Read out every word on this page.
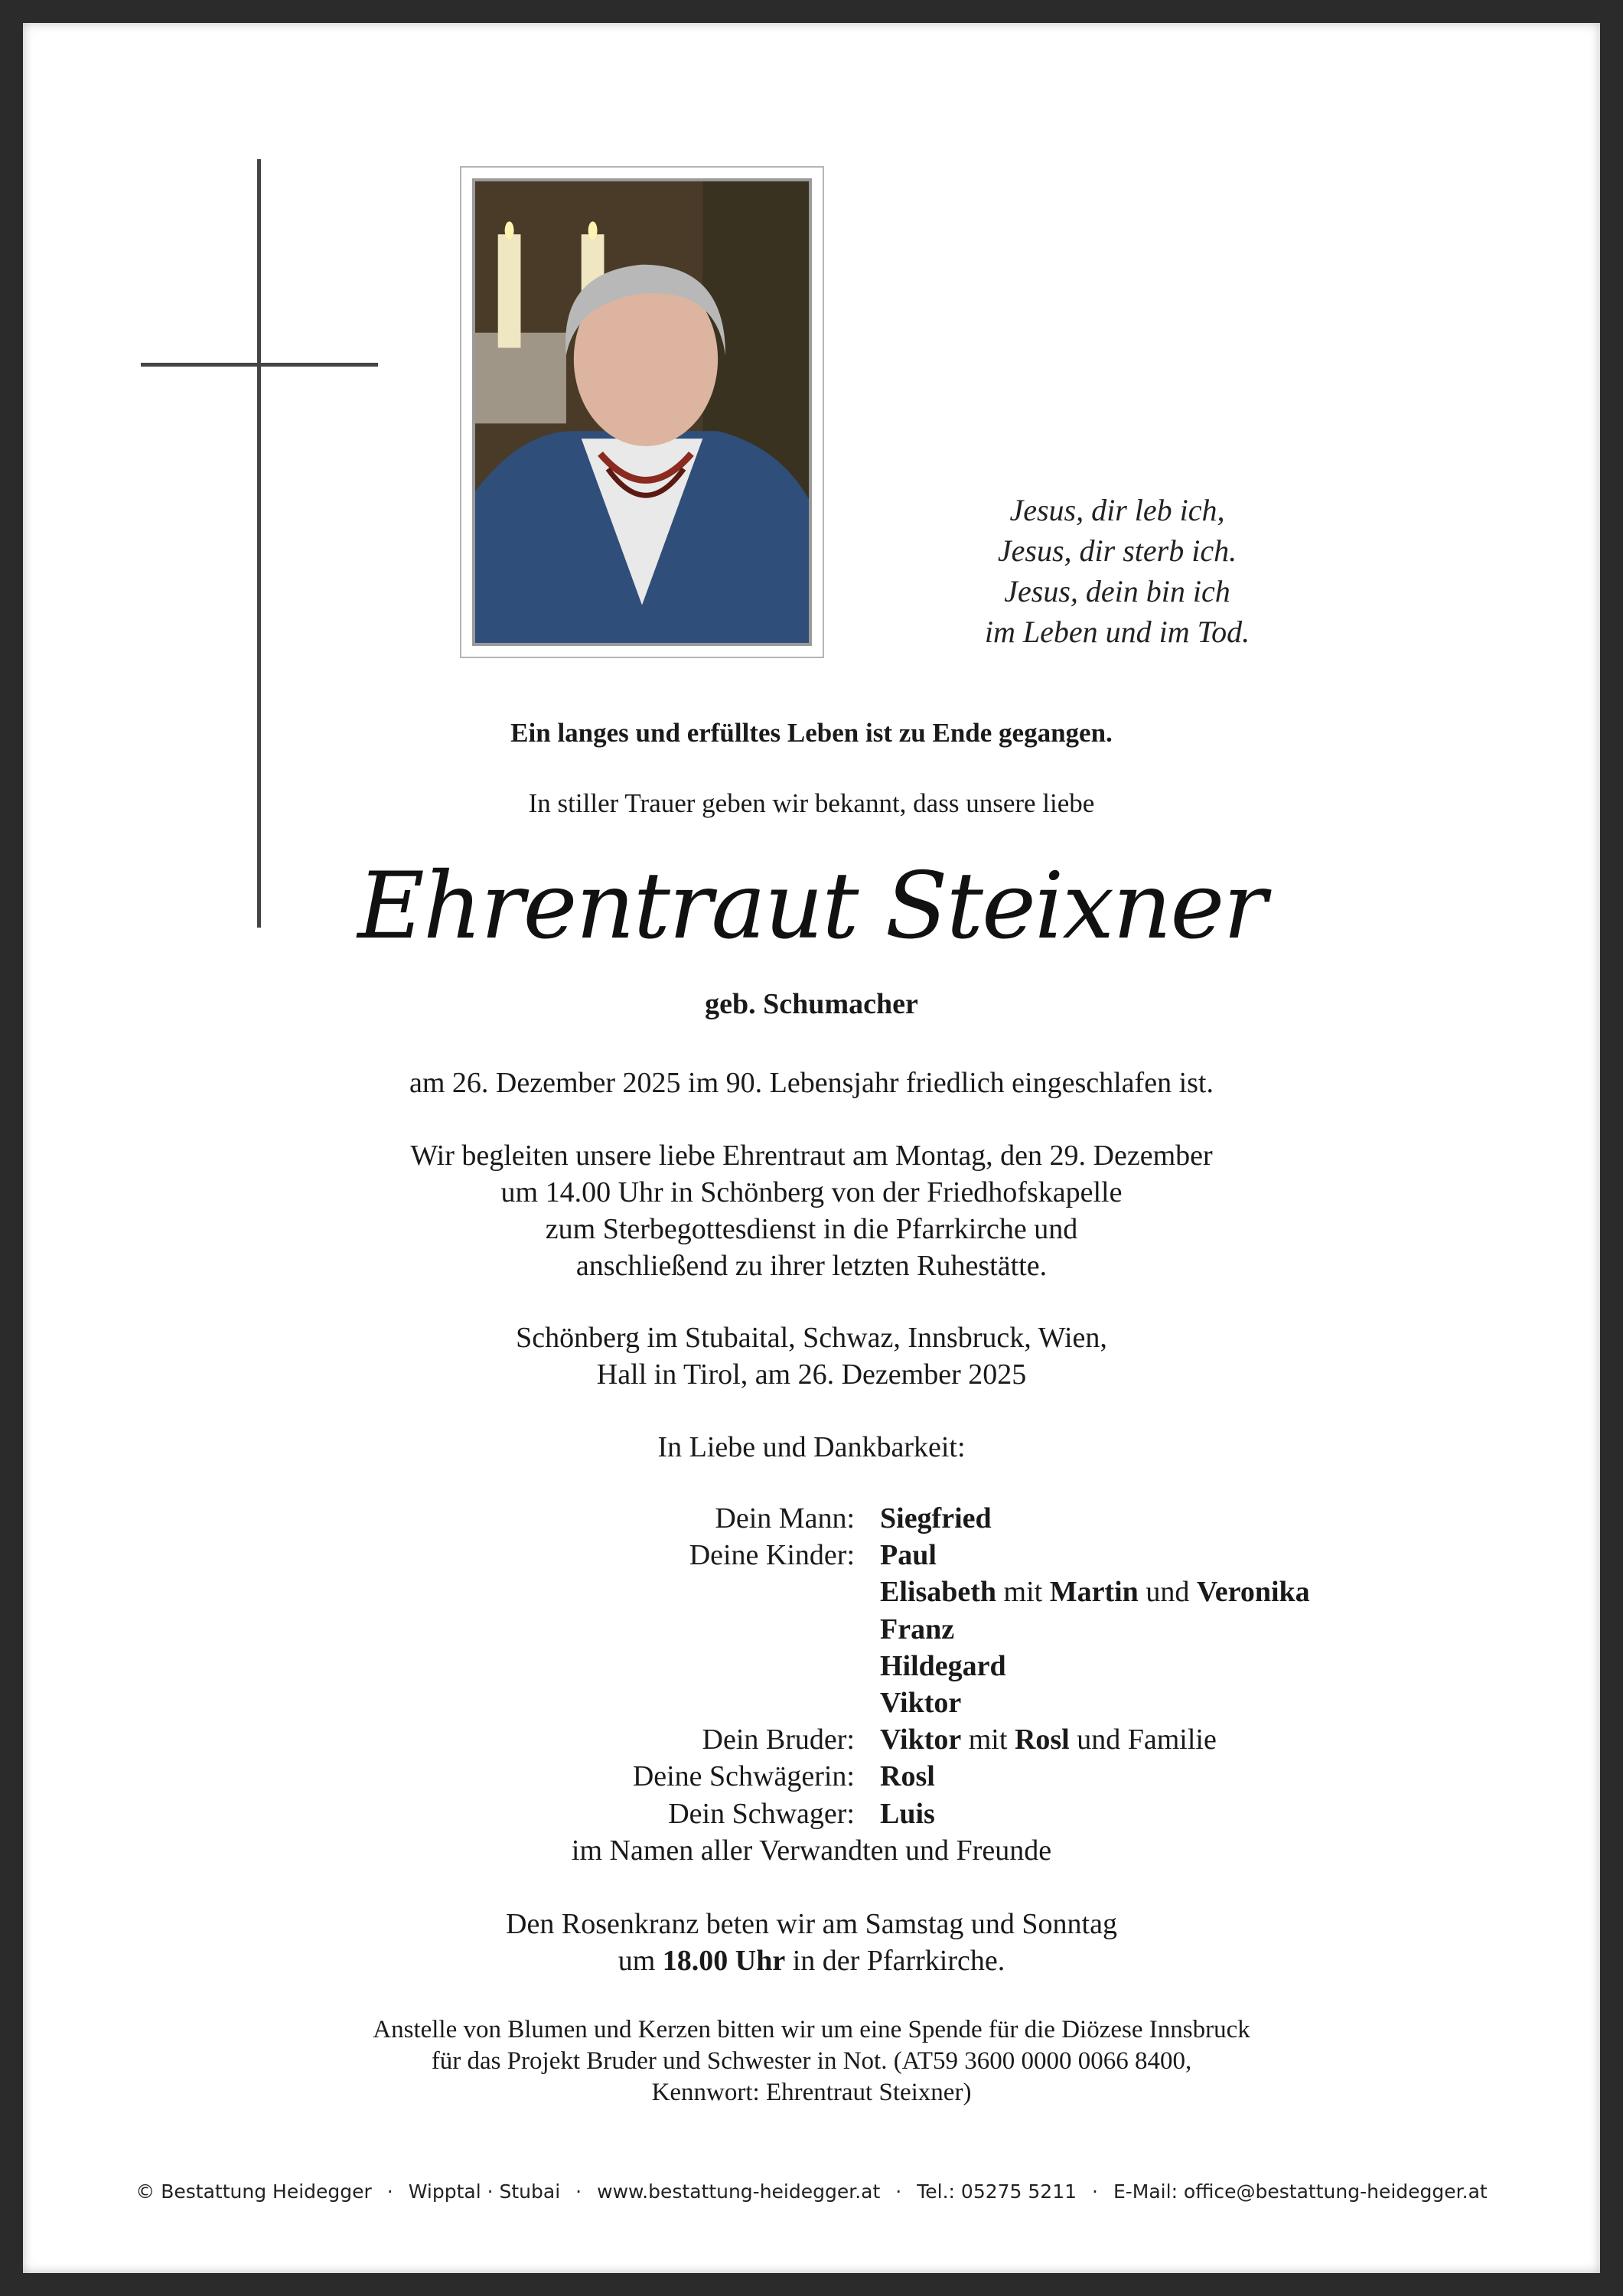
Jesus, dir leb ich,
Jesus, dir sterb ich.
Jesus, dein bin ich
im Leben und im Tod.
Ein langes und erfülltes Leben ist zu Ende gegangen.
In stiller Trauer geben wir bekannt, dass unsere liebe
Ehrentraut Steixner
geb. Schumacher
am 26. Dezember 2025 im 90. Lebensjahr friedlich eingeschlafen ist.
Wir begleiten unsere liebe Ehrentraut am Montag, den 29. Dezember
um 14.00 Uhr in Schönberg von der Friedhofskapelle
zum Sterbegottesdienst in die Pfarrkirche und
anschließend zu ihrer letzten Ruhestätte.
Schönberg im Stubaital, Schwaz, Innsbruck, Wien,
Hall in Tirol, am 26. Dezember 2025
In Liebe und Dankbarkeit:
Dein Mann: Siegfried
Deine Kinder: Paul
Elisabeth mit Martin und Veronika
Franz
Hildegard
Viktor
Dein Bruder: Viktor mit Rosl und Familie
Deine Schwägerin: Rosl
Dein Schwager: Luis
im Namen aller Verwandten und Freunde
Den Rosenkranz beten wir am Samstag und Sonntag
um 18.00 Uhr in der Pfarrkirche.
Anstelle von Blumen und Kerzen bitten wir um eine Spende für die Diözese Innsbruck
für das Projekt Bruder und Schwester in Not. (AT59 3600 0000 0066 8400,
Kennwort: Ehrentraut Steixner)
© Bestattung Heidegger · Wipptal · Stubai · www.bestattung-heidegger.at · Tel.: 05275 5211 · E-Mail: office@bestattung-heidegger.at
